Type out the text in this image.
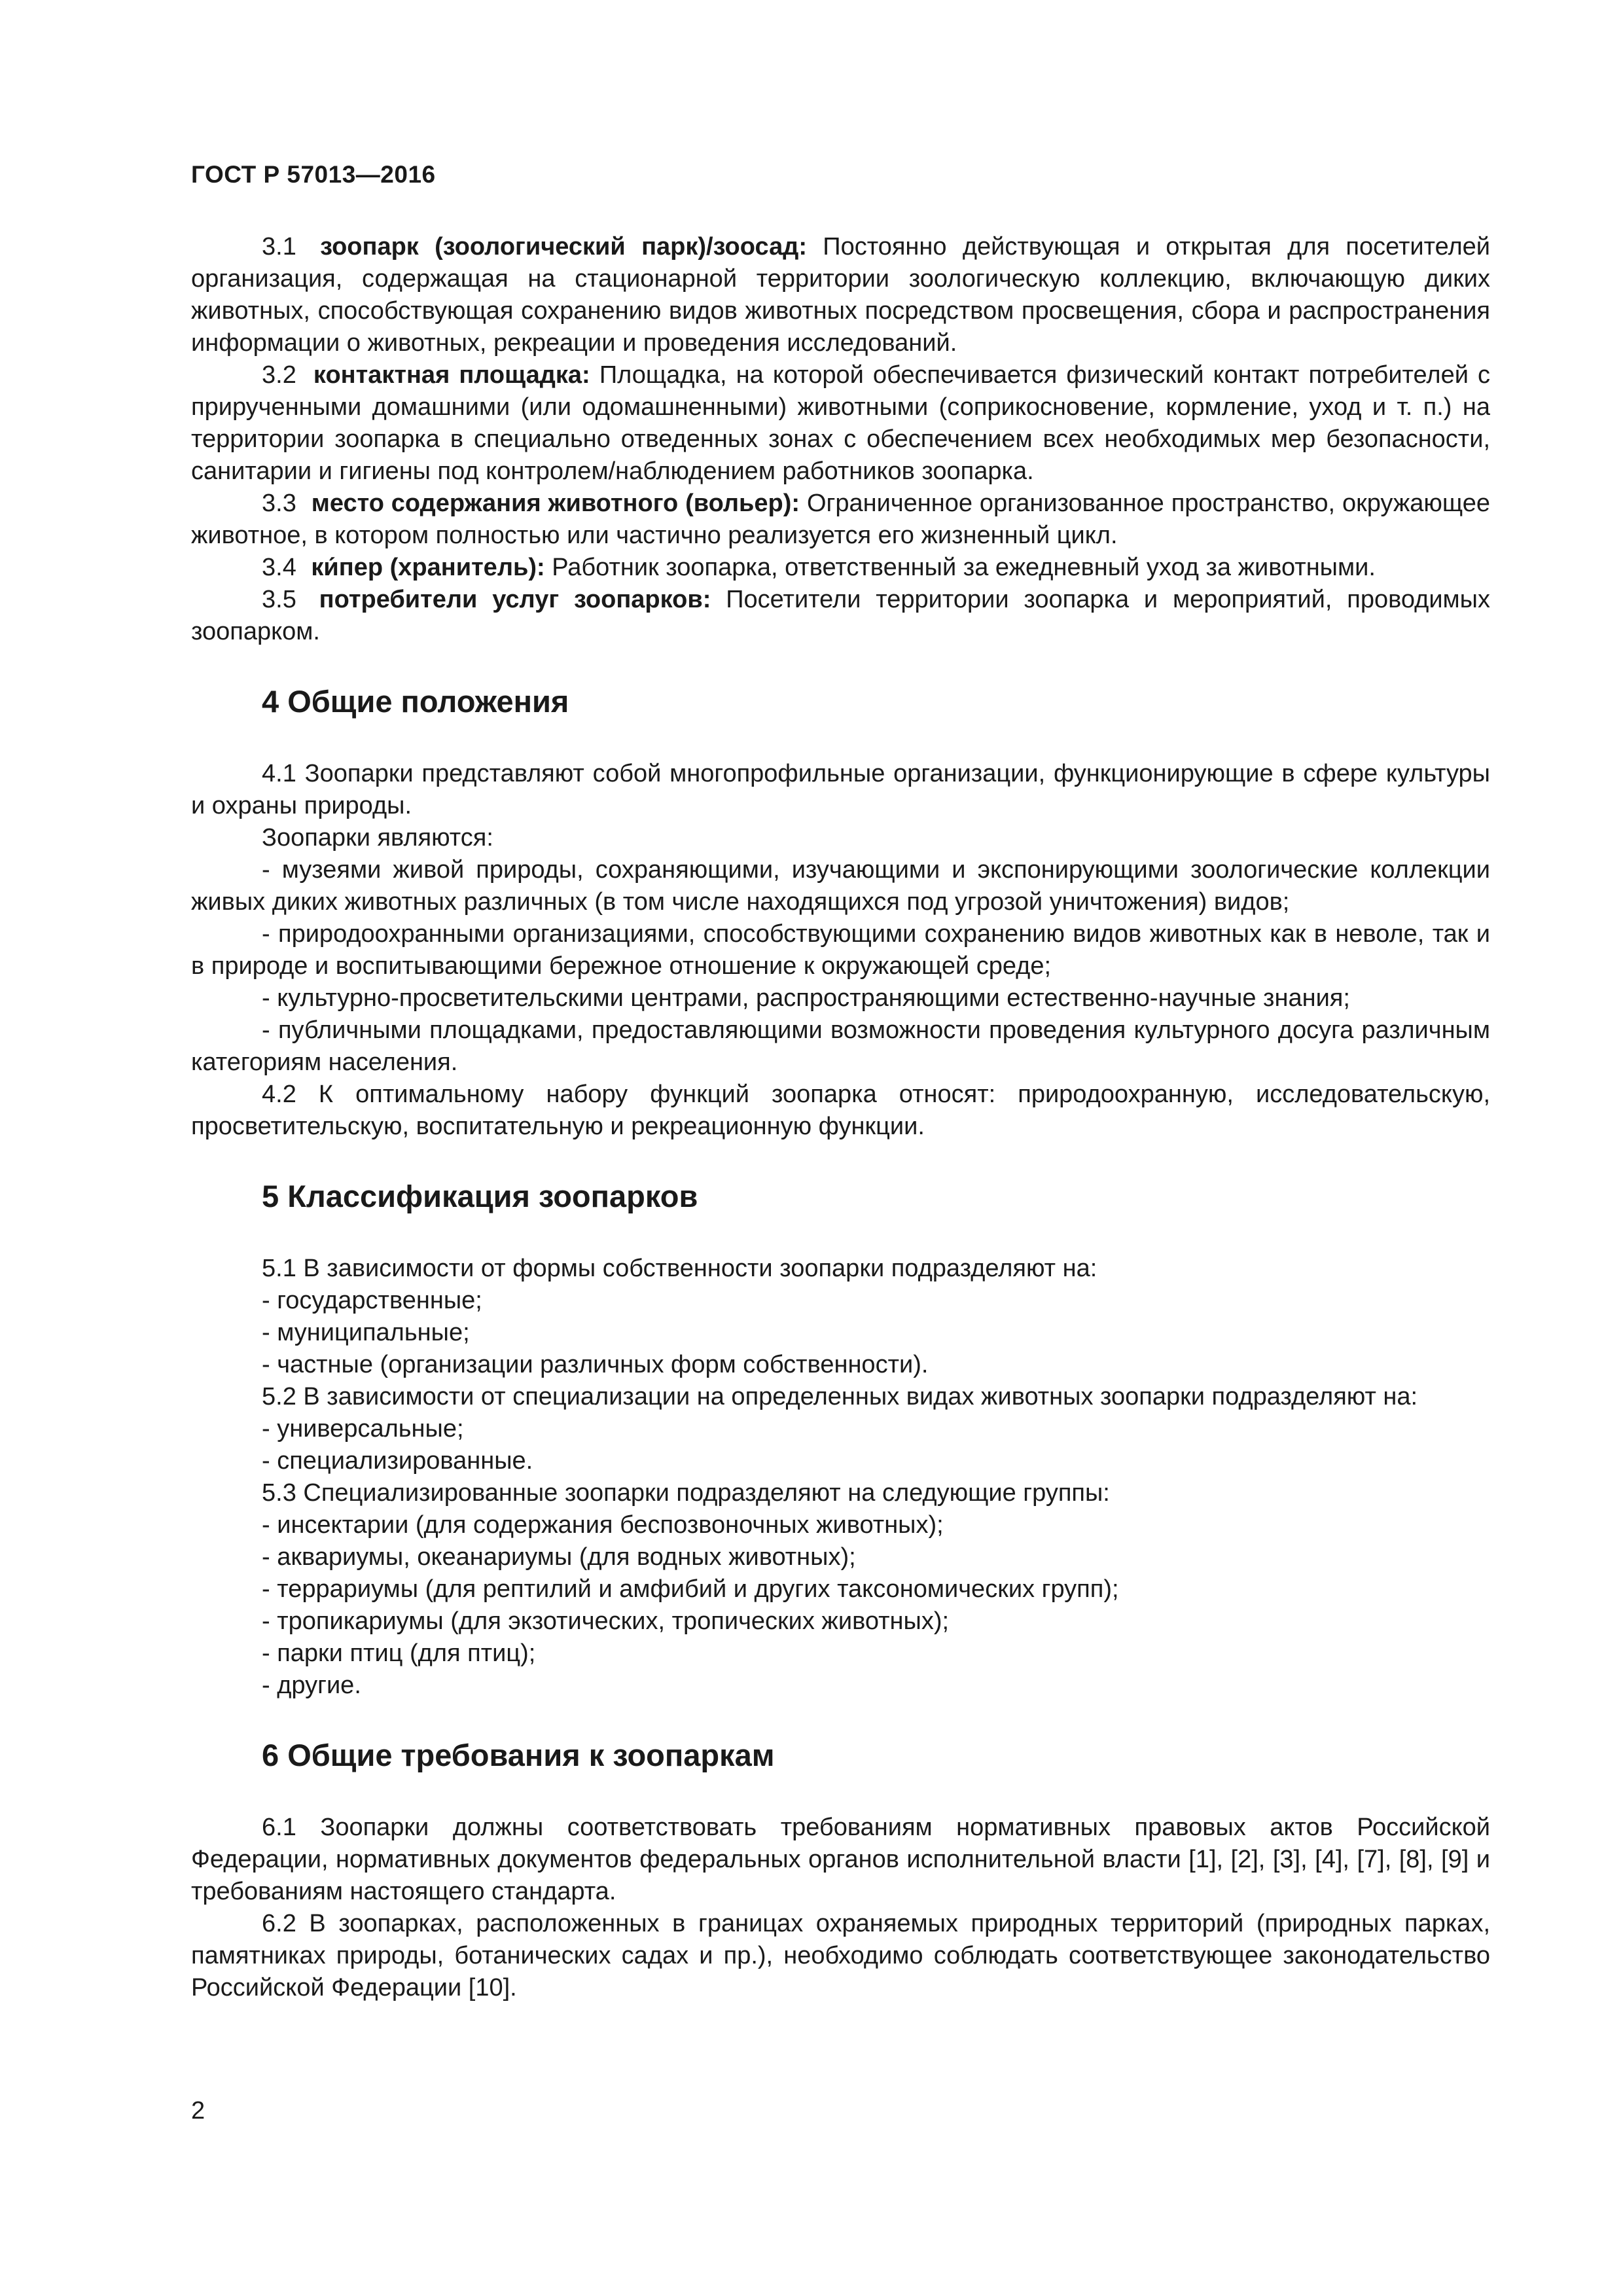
ГОСТ Р 57013—2016

3.1 зоопарк (зоологический парк)/зоосад: Постоянно действующая и открытая для посетителей организация, содержащая на стационарной территории зоологическую коллекцию, включающую диких животных, способствующая сохранению видов животных посредством просвещения, сбора и распространения информации о животных, рекреации и проведения исследований.

3.2 контактная площадка: Площадка, на которой обеспечивается физический контакт потребителей с прирученными домашними (или одомашненными) животными (соприкосновение, кормление, уход и т. п.) на территории зоопарка в специально отведенных зонах с обеспечением всех необходимых мер безопасности, санитарии и гигиены под контролем/наблюдением работников зоопарка.

3.3 место содержания животного (вольер): Ограниченное организованное пространство, окружающее животное, в котором полностью или частично реализуется его жизненный цикл.

3.4 ки́пер (хранитель): Работник зоопарка, ответственный за ежедневный уход за животными.

3.5 потребители услуг зоопарков: Посетители территории зоопарка и мероприятий, проводимых зоопарком.

4 Общие положения

4.1 Зоопарки представляют собой многопрофильные организации, функционирующие в сфере культуры и охраны природы.

Зоопарки являются:

- музеями живой природы, сохраняющими, изучающими и экспонирующими зоологические коллекции живых диких животных различных (в том числе находящихся под угрозой уничтожения) видов;

- природоохранными организациями, способствующими сохранению видов животных как в неволе, так и в природе и воспитывающими бережное отношение к окружающей среде;

- культурно-просветительскими центрами, распространяющими естественно-научные знания;

- публичными площадками, предоставляющими возможности проведения культурного досуга различным категориям населения.

4.2 К оптимальному набору функций зоопарка относят: природоохранную, исследовательскую, просветительскую, воспитательную и рекреационную функции.

5 Классификация зоопарков

5.1 В зависимости от формы собственности зоопарки подразделяют на:

- государственные;

- муниципальные;

- частные (организации различных форм собственности).

5.2 В зависимости от специализации на определенных видах животных зоопарки подразделяют на:

- универсальные;

- специализированные.

5.3 Специализированные зоопарки подразделяют на следующие группы:

- инсектарии (для содержания беспозвоночных животных);

- аквариумы, океанариумы (для водных животных);

- террариумы (для рептилий и амфибий и других таксономических групп);

- тропикариумы (для экзотических, тропических животных);

- парки птиц (для птиц);

- другие.

6 Общие требования к зоопаркам

6.1 Зоопарки должны соответствовать требованиям нормативных правовых актов Российской Федерации, нормативных документов федеральных органов исполнительной власти [1], [2], [3], [4], [7], [8], [9] и требованиям настоящего стандарта.

6.2 В зоопарках, расположенных в границах охраняемых природных территорий (природных парках, памятниках природы, ботанических садах и пр.), необходимо соблюдать соответствующее законодательство Российской Федерации [10].

2
